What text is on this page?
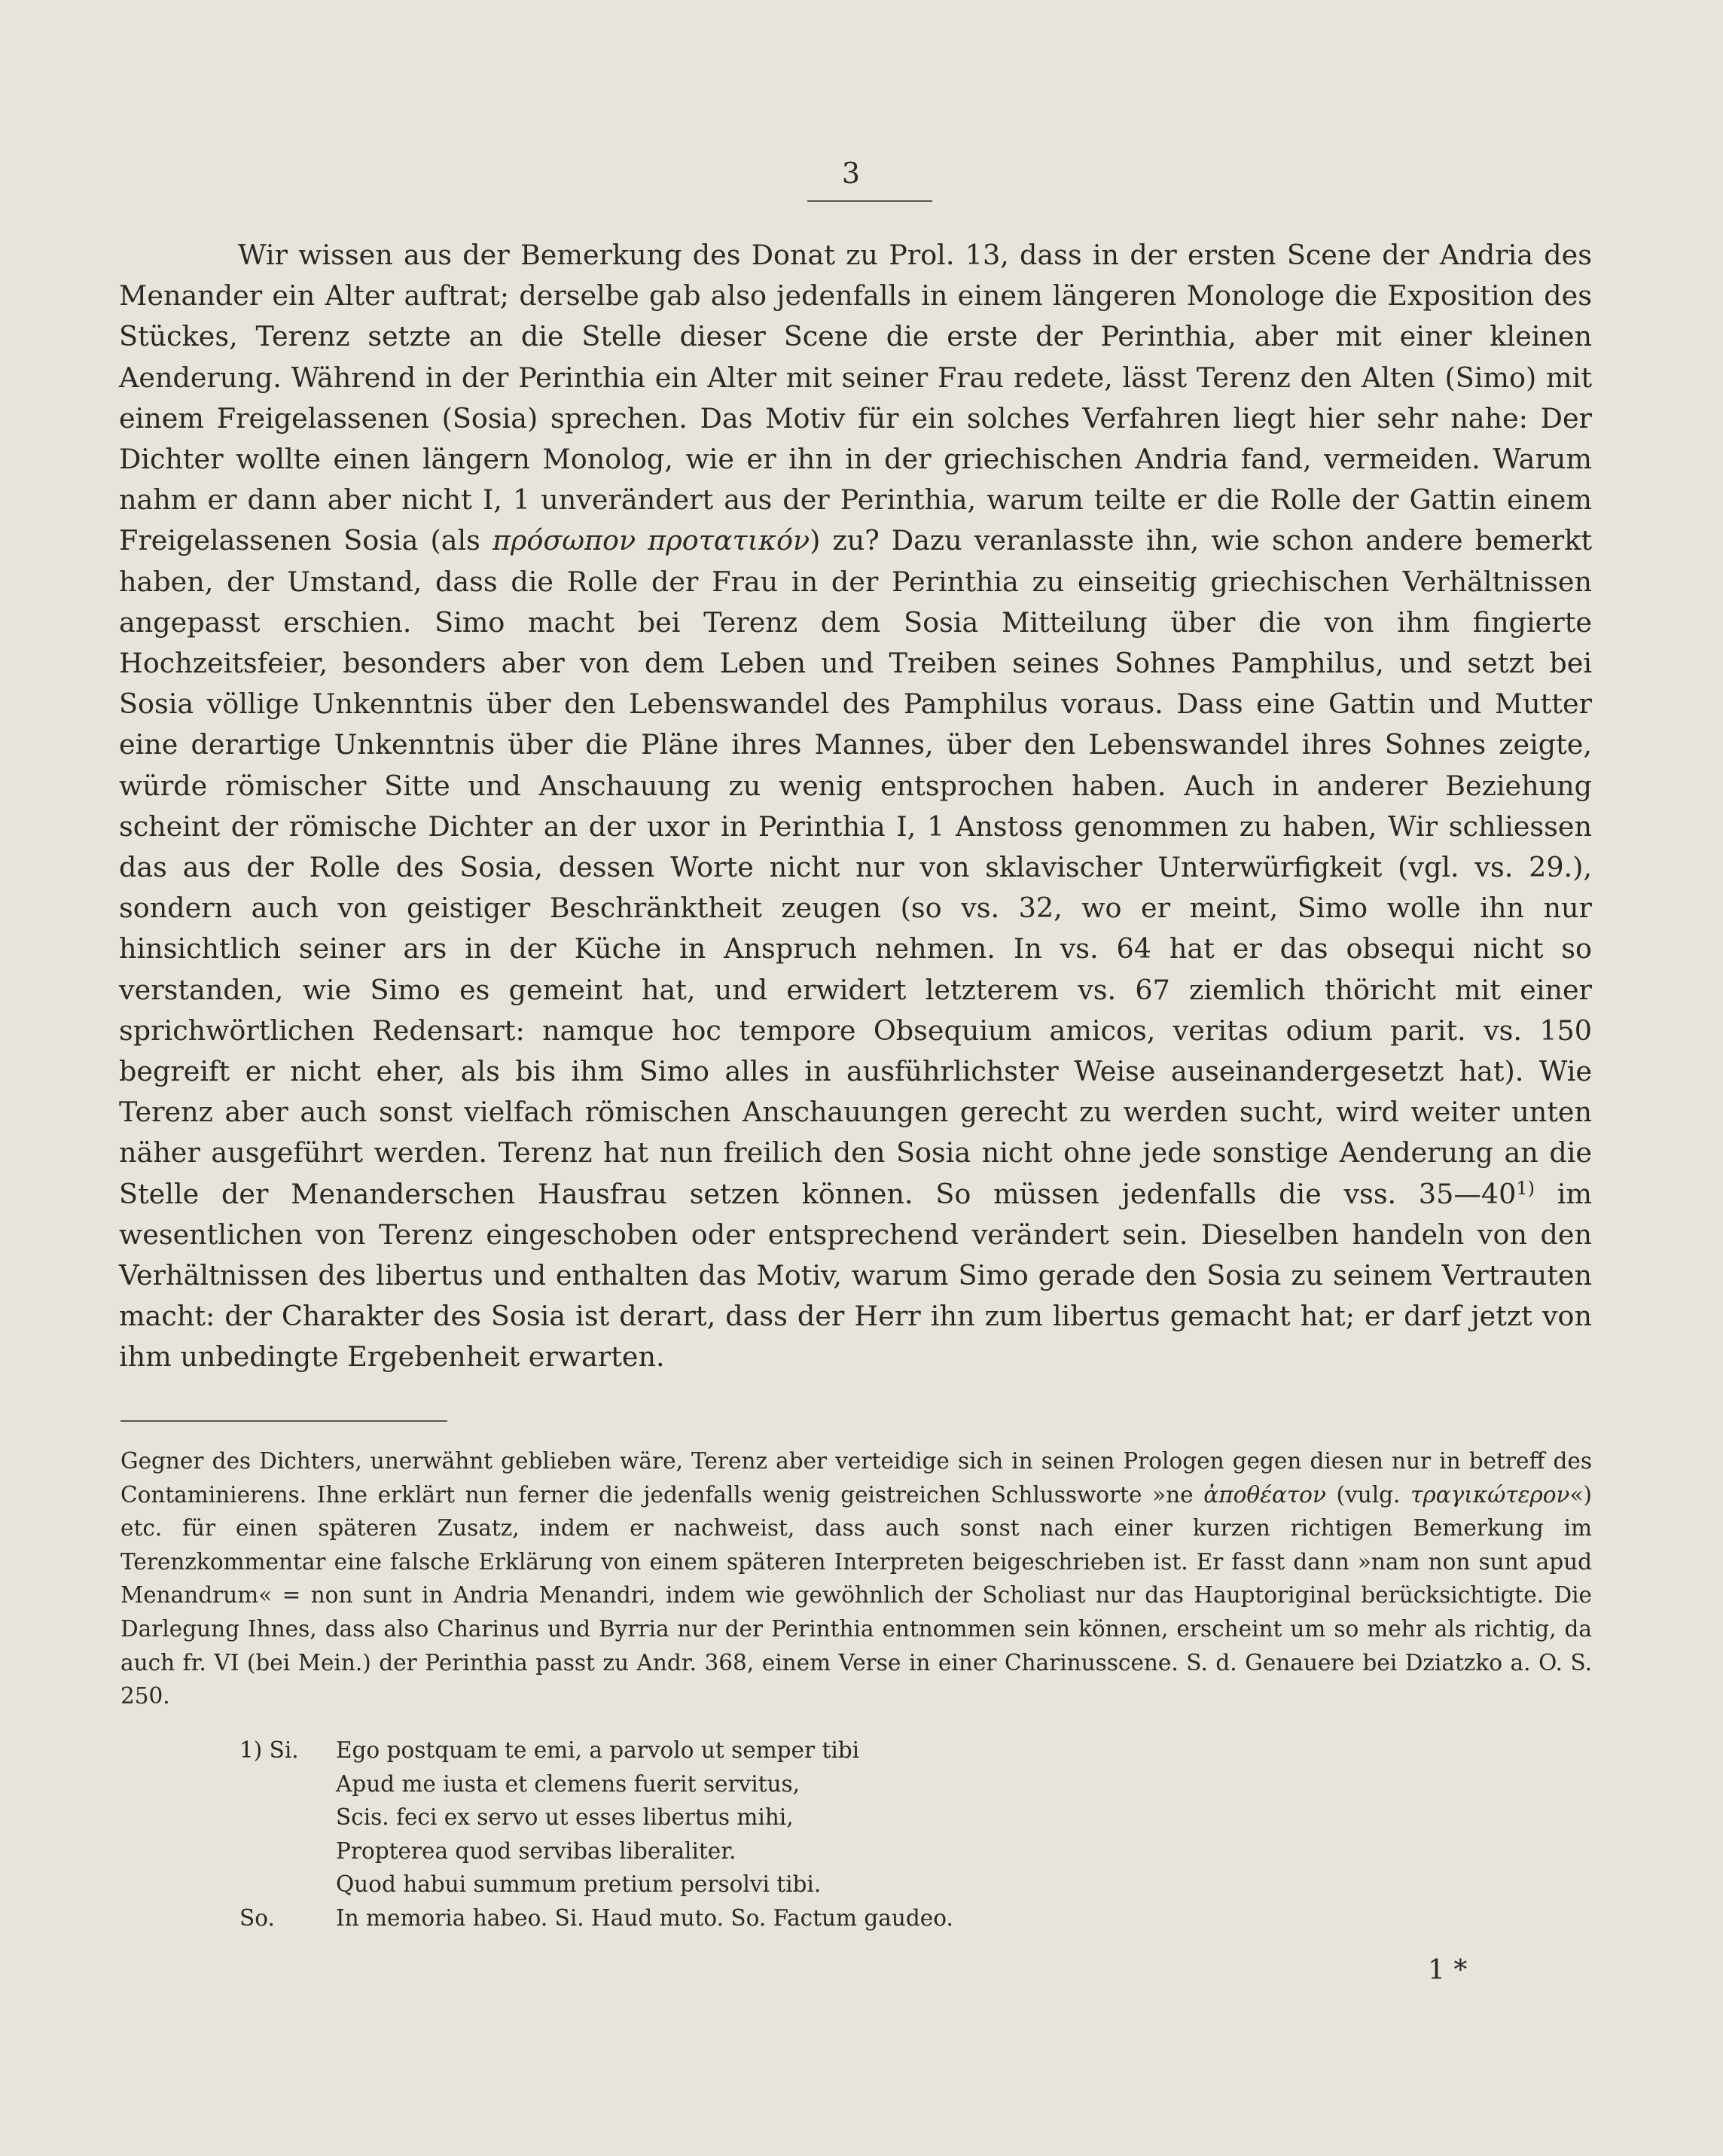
3

Wir wissen aus der Bemerkung des Donat zu Prol. 13, dass in der ersten Scene der Andria des Menander ein Alter auftrat; derselbe gab also jedenfalls in einem längeren Monologe die Exposition des Stückes, Terenz setzte an die Stelle dieser Scene die erste der Perinthia, aber mit einer kleinen Aenderung. Während in der Perinthia ein Alter mit seiner Frau redete, lässt Terenz den Alten (Simo) mit einem Freigelassenen (Sosia) sprechen. Das Motiv für ein solches Verfahren liegt hier sehr nahe: Der Dichter wollte einen längern Monolog, wie er ihn in der griechischen Andria fand, vermeiden. Warum nahm er dann aber nicht I, 1 unverändert aus der Perinthia, warum teilte er die Rolle der Gattin einem Freigelassenen Sosia (als πρόσωπον προτατικόν) zu? Dazu veranlasste ihn, wie schon andere bemerkt haben, der Umstand, dass die Rolle der Frau in der Perinthia zu einseitig griechischen Verhältnissen angepasst erschien. Simo macht bei Terenz dem Sosia Mitteilung über die von ihm fingierte Hochzeitsfeier, besonders aber von dem Leben und Treiben seines Sohnes Pamphilus, und setzt bei Sosia völlige Unkenntnis über den Lebenswandel des Pamphilus voraus. Dass eine Gattin und Mutter eine derartige Unkenntnis über die Pläne ihres Mannes, über den Lebenswandel ihres Sohnes zeigte, würde römischer Sitte und Anschauung zu wenig entsprochen haben. Auch in anderer Beziehung scheint der römische Dichter an der uxor in Perinthia I, 1 Anstoss genommen zu haben, Wir schliessen das aus der Rolle des Sosia, dessen Worte nicht nur von sklavischer Unterwürfigkeit (vgl. vs. 29.), sondern auch von geistiger Beschränktheit zeugen (so vs. 32, wo er meint, Simo wolle ihn nur hinsichtlich seiner ars in der Küche in Anspruch nehmen. In vs. 64 hat er das obsequi nicht so verstanden, wie Simo es gemeint hat, und erwidert letzterem vs. 67 ziemlich thöricht mit einer sprichwörtlichen Redensart: namque hoc tempore Obsequium amicos, veritas odium parit. vs. 150 begreift er nicht eher, als bis ihm Simo alles in ausführlichster Weise auseinandergesetzt hat). Wie Terenz aber auch sonst vielfach römischen Anschauungen gerecht zu werden sucht, wird weiter unten näher ausgeführt werden. Terenz hat nun freilich den Sosia nicht ohne jede sonstige Aenderung an die Stelle der Menanderschen Hausfrau setzen können. So müssen jedenfalls die vss. 35—40$^{1)}$ im wesentlichen von Terenz eingeschoben oder entsprechend verändert sein. Dieselben handeln von den Verhältnissen des libertus und enthalten das Motiv, warum Simo gerade den Sosia zu seinem Vertrauten macht: der Charakter des Sosia ist derart, dass der Herr ihn zum libertus gemacht hat; er darf jetzt von ihm unbedingte Ergebenheit erwarten.

Gegner des Dichters, unerwähnt geblieben wäre, Terenz aber verteidige sich in seinen Prologen gegen diesen nur in betreff des Contaminierens. Ihne erklärt nun ferner die jedenfalls wenig geistreichen Schlussworte »ne ἀποθέατον (vulg. τραγικώτερον«) etc. für einen späteren Zusatz, indem er nachweist, dass auch sonst nach einer kurzen richtigen Bemerkung im Terenzkommentar eine falsche Erklärung von einem späteren Interpreten beigeschrieben ist. Er fasst dann »nam non sunt apud Menandrum« = non sunt in Andria Menandri, indem wie gewöhnlich der Scholiast nur das Hauptoriginal berücksichtigte. Die Darlegung Ihnes, dass also Charinus und Byrria nur der Perinthia entnommen sein können, erscheint um so mehr als richtig, da auch fr. VI (bei Mein.) der Perinthia passt zu Andr. 368, einem Verse in einer Charinusscene. S. d. Genauere bei Dziatzko a. O. S. 250.

1) Si. Ego postquam te emi, a parvolo ut semper tibi
Apud me iusta et clemens fuerit servitus,
Scis. feci ex servo ut esses libertus mihi,
Propterea quod servibas liberaliter.
Quod habui summum pretium persolvi tibi.
So.	In memoria habeo. Si. Haud muto. So. Factum gaudeo.
1 *
